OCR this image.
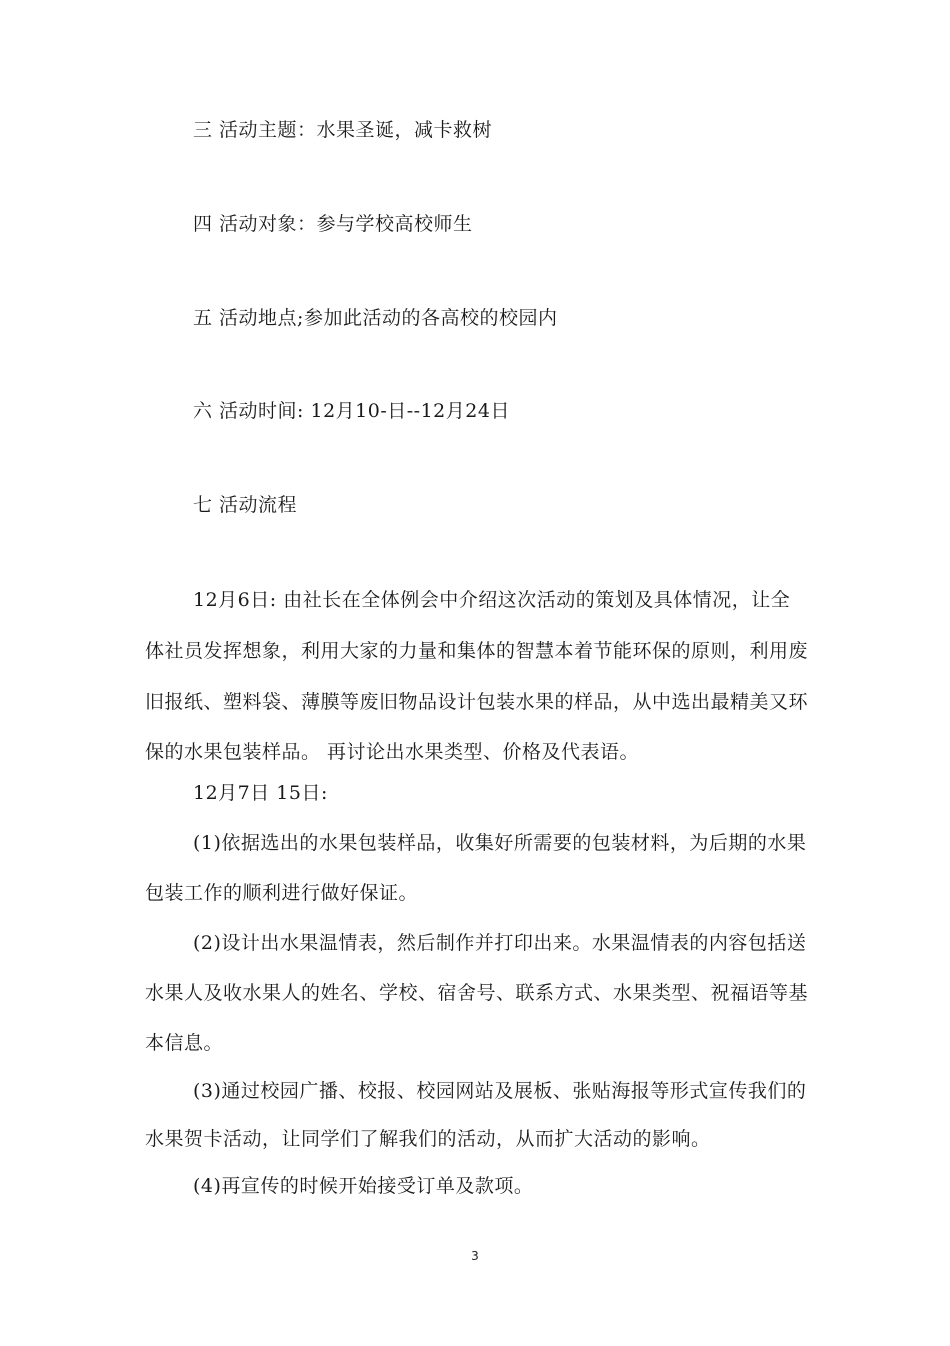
三 活动主题：水果圣诞，减卡救树
四 活动对象：参与学校高校师生
五 活动地点;参加此活动的各高校的校园内
六 活动时间: 12月10-日--12月24日
七 活动流程
12月6日: 由社长在全体例会中介绍这次活动的策划及具体情况，让全
体社员发挥想象，利用大家的力量和集体的智慧本着节能环保的原则，利用废
旧报纸、塑料袋、薄膜等废旧物品设计包装水果的样品，从中选出最精美又环
保的水果包装样品。 再讨论出水果类型、价格及代表语。
12月7日 15日:
(1)依据选出的水果包装样品，收集好所需要的包装材料，为后期的水果
包装工作的顺利进行做好保证。
(2)设计出水果温情表，然后制作并打印出来。水果温情表的内容包括送
水果人及收水果人的姓名、学校、宿舍号、联系方式、水果类型、祝福语等基
本信息。
(3)通过校园广播、校报、校园网站及展板、张贴海报等形式宣传我们的
水果贺卡活动，让同学们了解我们的活动，从而扩大活动的影响。
(4)再宣传的时候开始接受订单及款项。
3
